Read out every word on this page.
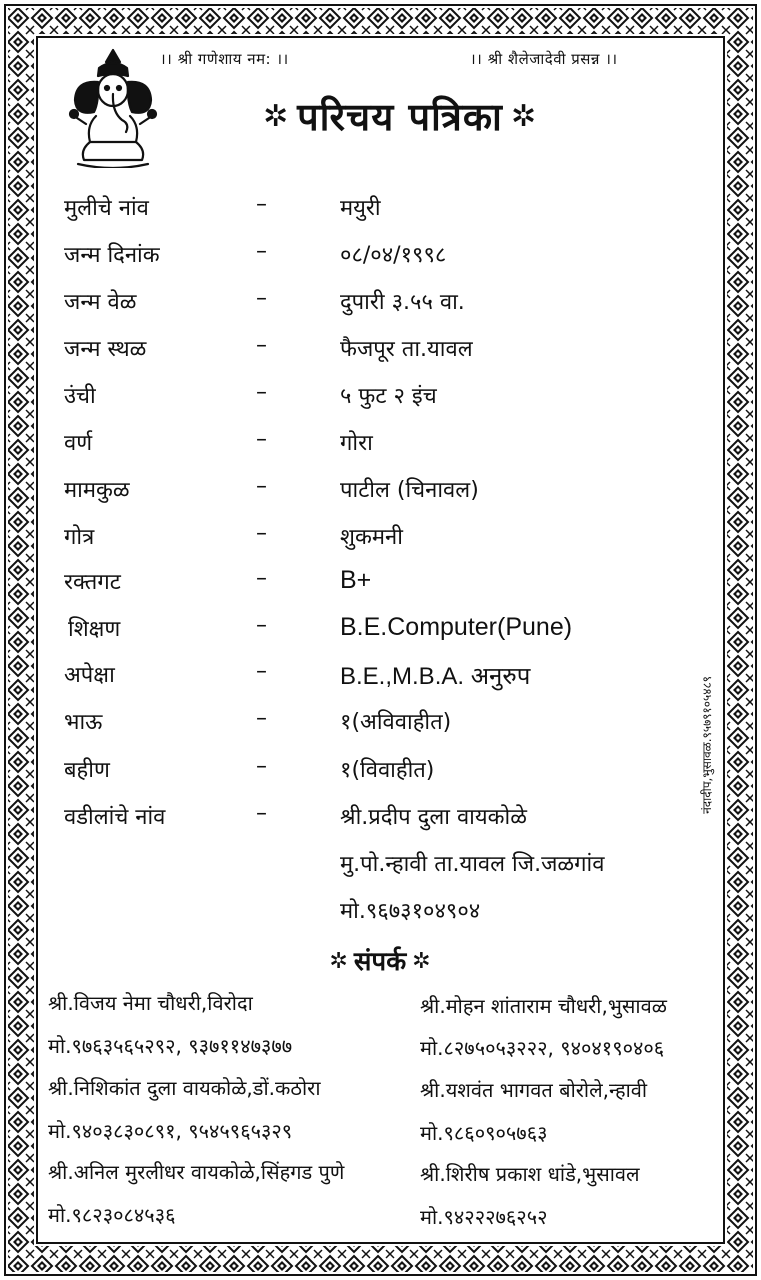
।। श्री गणेशाय नम: ।।	।। श्री शैलेजादेवी प्रसन्न ।।
✲ परिचय पत्रिका ✲
मुलीचे नांव	–	मयुरी
जन्म दिनांक	–	०८/०४/१९९८
जन्म वेळ	–	दुपारी ३.५५ वा.
जन्म स्थळ	–	फैजपूर ता.यावल
उंची	–	५ फुट २ इंच
वर्ण	–	गोरा
मामकुळ	–	पाटील (चिनावल)
गोत्र	–	शुकमनी
रक्तगट	–	B+
शिक्षण	–	B.E.Computer(Pune)
अपेक्षा	–	B.E.,M.B.A. अनुरुप
भाऊ	–	१(अविवाहीत)
बहीण	–	१(विवाहीत)
वडीलांचे नांव	–	श्री.प्रदीप दुला वायकोळे
मु.पो.न्हावी ता.यावल जि.जळगांव
मो.९६७३१०४९०४
नंदादीप,भुसावळ.९५७९१०५४८९
✲ संपर्क ✲
श्री.विजय नेमा चौधरी,विरोदा
मो.९७६३५६५२९२, ९३७११४७३७७
श्री.निशिकांत दुला वायकोळे,डों.कठोरा
मो.९४०३८३०८९१, ९५४५९६५३२९
श्री.अनिल मुरलीधर वायकोळे,सिंहगड पुणे
मो.९८२३०८४५३६
श्री.मोहन शांताराम चौधरी,भुसावळ
मो.८२७५०५३२२२, ९४०४१९०४०६
श्री.यशवंत भागवत बोरोले,न्हावी
मो.९८६०९०५७६३
श्री.शिरीष प्रकाश धांडे,भुसावल
मो.९४२२२७६२५२
